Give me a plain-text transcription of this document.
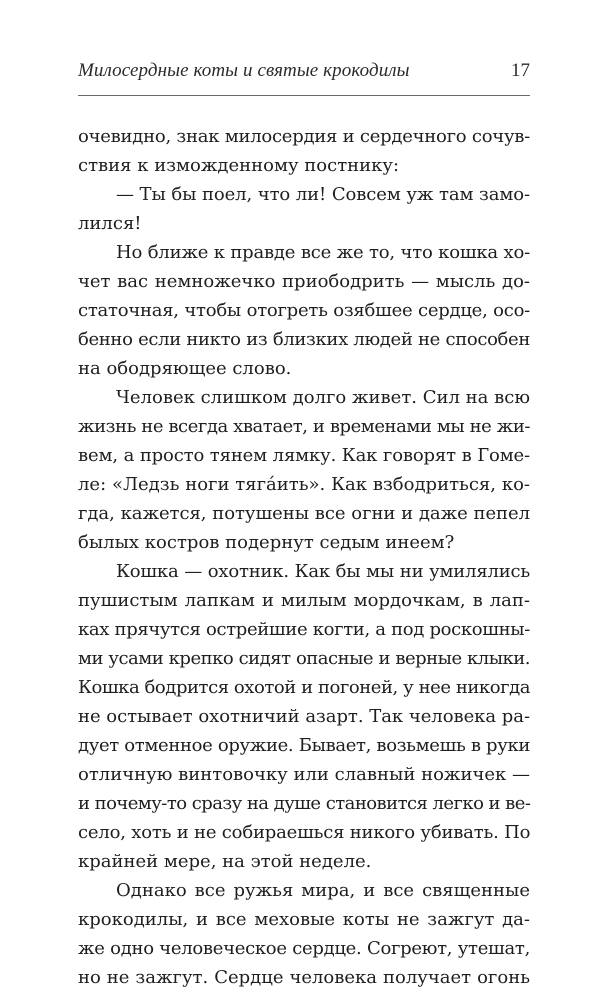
Милосердные коты и святые крокодилы	17
очевидно, знак милосердия и сердечного сочув-
ствия к изможденному постнику:
— Ты бы поел, что ли! Совсем уж там замо-
лился!
Но ближе к правде все же то, что кошка хо-
чет вас немножечко приободрить — мысль до-
статочная, чтобы отогреть озябшее сердце, осо-
бенно если никто из близких людей не способен
на ободряющее слово.
Человек слишком долго живет. Сил на всю
жизнь не всегда хватает, и временами мы не жи-
вем, а просто тянем лямку. Как говорят в Гоме-
ле: «Ледзь ноги тяга́ить». Как взбодриться, ко-
гда, кажется, потушены все огни и даже пепел
былых костров подернут седым инеем?
Кошка — охотник. Как бы мы ни умилялись
пушистым лапкам и милым мордочкам, в лап-
ках прячутся острейшие когти, а под роскошны-
ми усами крепко сидят опасные и верные клыки.
Кошка бодрится охотой и погоней, у нее никогда
не остывает охотничий азарт. Так человека ра-
дует отменное оружие. Бывает, возьмешь в руки
отличную винтовочку или славный ножичек —
и почему-то сразу на душе становится легко и ве-
село, хоть и не собираешься никого убивать. По
крайней мере, на этой неделе.
Однако все ружья мира, и все священные
крокодилы, и все меховые коты не зажгут да-
же одно человеческое сердце. Согреют, утешат,
но не зажгут. Сердце человека получает огонь
